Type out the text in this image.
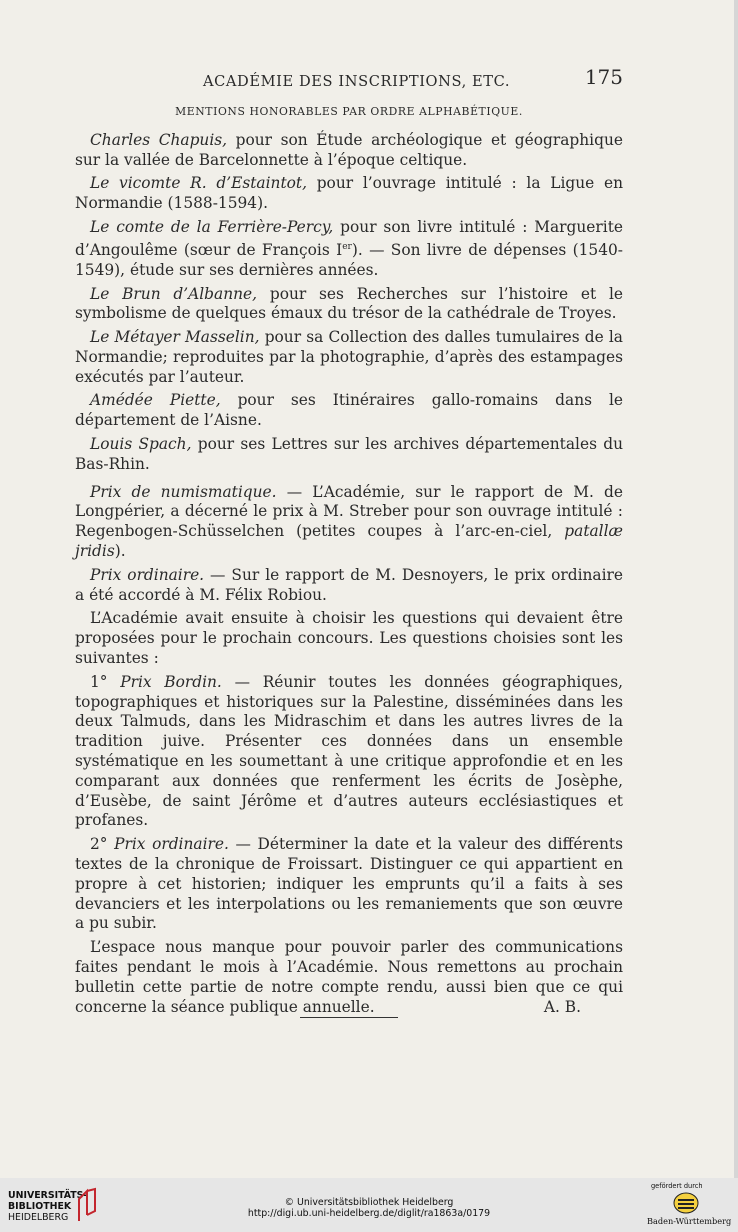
ACADÉMIE DES INSCRIPTIONS, ETC.	175
MENTIONS HONORABLES PAR ORDRE ALPHABÉTIQUE.

Charles Chapuis, pour son Étude archéologique et géographique sur la vallée de Barcelonnette à l’époque celtique.

Le vicomte R. d’Estaintot, pour l’ouvrage intitulé : la Ligue en Normandie (1588-1594).

Le comte de la Ferrière-Percy, pour son livre intitulé : Marguerite d’Angoulême (sœur de François Ier). — Son livre de dépenses (1540-1549), étude sur ses dernières années.

Le Brun d’Albanne, pour ses Recherches sur l’histoire et le symbolisme de quelques émaux du trésor de la cathédrale de Troyes.

Le Métayer Masselin, pour sa Collection des dalles tumulaires de la Normandie; reproduites par la photographie, d’après des estampages exécutés par l’auteur.

Amédée Piette, pour ses Itinéraires gallo-romains dans le département de l’Aisne.

Louis Spach, pour ses Lettres sur les archives départementales du Bas-Rhin.

Prix de numismatique. — L’Académie, sur le rapport de M. de Longpérier, a décerné le prix à M. Streber pour son ouvrage intitulé : Regenbogen-Schüsselchen (petites coupes à l’arc-en-ciel, patallæ jridis).

Prix ordinaire. — Sur le rapport de M. Desnoyers, le prix ordinaire a été accordé à M. Félix Robiou.

L’Académie avait ensuite à choisir les questions qui devaient être proposées pour le prochain concours. Les questions choisies sont les suivantes :

1° Prix Bordin. — Réunir toutes les données géographiques, topographiques et historiques sur la Palestine, disséminées dans les deux Talmuds, dans les Midraschim et dans les autres livres de la tradition juive. Présenter ces données dans un ensemble systématique en les soumettant à une critique approfondie et en les comparant aux données que renferment les écrits de Josèphe, d’Eusèbe, de saint Jérôme et d’autres auteurs ecclésiastiques et profanes.

2° Prix ordinaire. — Déterminer la date et la valeur des différents textes de la chronique de Froissart. Distinguer ce qui appartient en propre à cet historien; indiquer les emprunts qu’il a faits à ses devanciers et les interpolations ou les remaniements que son œuvre a pu subir.

L’espace nous manque pour pouvoir parler des communications faites pendant le mois à l’Académie. Nous remettons au prochain bulletin cette partie de notre compte rendu, aussi bien que ce qui concerne la séance publique annuelle.	A. B.

UNIVERSITÄTS-
BIBLIOTHEK
HEIDELBERG
© Universitätsbibliothek Heidelberg
http://digi.ub.uni-heidelberg.de/diglit/ra1863a/0179
gefördert durch
Baden-Württemberg
